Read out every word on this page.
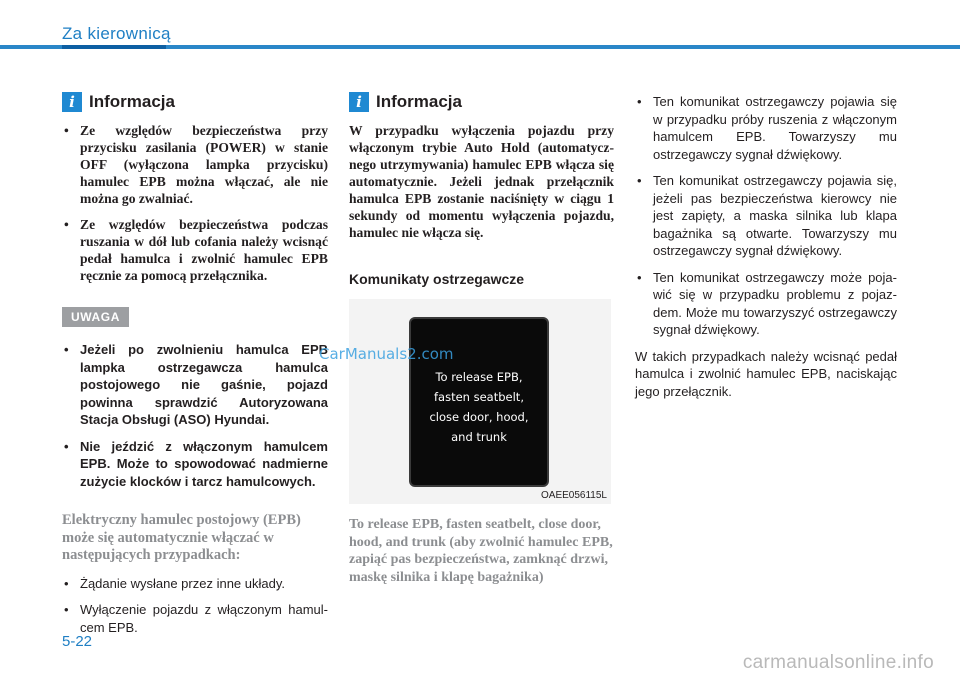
Za kierownicą
i Informacja
• Ze względów bezpieczeństwa przy przycisku zasilania (POWER) w stanie OFF (wyłączona lampka przycisku) hamulec EPB można włączać, ale nie można go zwalniać.
• Ze względów bezpieczeństwa podczas ruszania w dół lub cofania należy wcisnąć pedał hamulca i zwolnić hamulec EPB ręcznie za pomocą przełącznika.
UWAGA
• Jeżeli po zwolnieniu hamulca EPB lampka ostrzegawcza hamulca postojowego nie gaśnie, pojazd powinna sprawdzić Autoryzowana Stacja Obsługi (ASO) Hyundai.
• Nie jeździć z włączonym hamulcem EPB. Może to spowodować nadmierne zużycie klocków i tarcz hamulcowych.
Elektryczny hamulec postojowy (EPB) może się automatycznie włączać w następujących przypadkach:
• Żądanie wysłane przez inne układy.
• Wyłączenie pojazdu z włączonym hamulcem EPB.
i Informacja
W przypadku wyłączenia pojazdu przy włączonym trybie Auto Hold (automatycznego utrzymywania) hamulec EPB włącza się automatycznie. Jeżeli jednak przełącznik hamulca EPB zostanie naciśnięty w ciągu 1 sekundy od momentu wyłączenia pojazdu, hamulec nie włącza się.
Komunikaty ostrzegawcze
To release EPB,
fasten seatbelt,
close door, hood,
and trunk
CarManuals2.com
OAEE056115L
To release EPB, fasten seatbelt, close door, hood, and trunk (aby zwolnić hamulec EPB, zapiąć pas bezpieczeństwa, zamknąć drzwi, maskę silnika i klapę bagażnika)
• Ten komunikat ostrzegawczy pojawia się w przypadku próby ruszenia z włączonym hamulcem EPB. Towarzyszy mu ostrzegawczy sygnał dźwiękowy.
• Ten komunikat ostrzegawczy pojawia się, jeżeli pas bezpieczeństwa kierowcy nie jest zapięty, a maska silnika lub klapa bagażnika są otwarte. Towarzyszy mu ostrzegawczy sygnał dźwiękowy.
• Ten komunikat ostrzegawczy może pojawić się w przypadku problemu z pojazdem. Może mu towarzyszyć ostrzegawczy sygnał dźwiękowy.
W takich przypadkach należy wcisnąć pedał hamulca i zwolnić hamulec EPB, naciskając jego przełącznik.
5-22
carmanualsonline.info
